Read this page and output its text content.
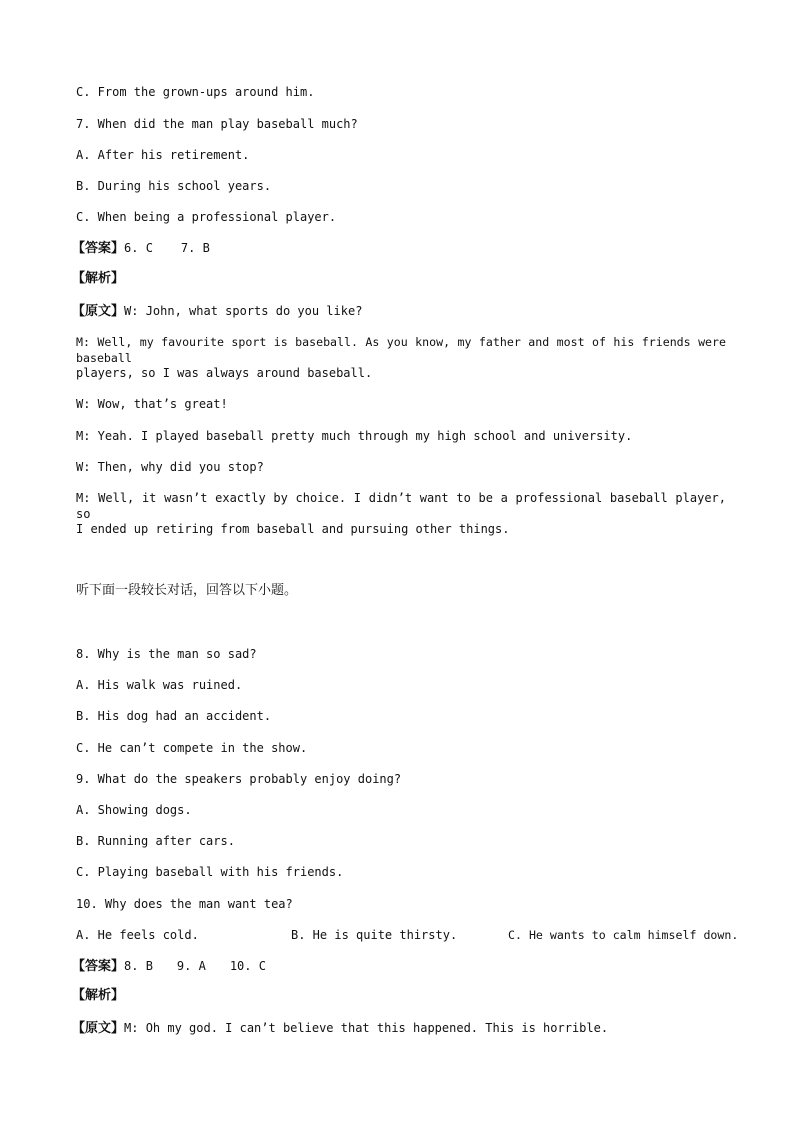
C. From the grown-ups around him.
7. When did the man play baseball much?
A. After his retirement.
B. During his school years.
C. When being a professional player.
【答案】6. C 7. B
【解析】
【原文】W: John, what sports do you like?
M: Well, my favourite sport is baseball. As you know, my father and most of his friends were baseball
players, so I was always around baseball.
W: Wow, that’s great!
M: Yeah. I played baseball pretty much through my high school and university.
W: Then, why did you stop?
M: Well, it wasn’t exactly by choice. I didn’t want to be a professional baseball player, so
I ended up retiring from baseball and pursuing other things.
听下面一段较长对话，回答以下小题。
8. Why is the man so sad?
A. His walk was ruined.
B. His dog had an accident.
C. He can’t compete in the show.
9. What do the speakers probably enjoy doing?
A. Showing dogs.
B. Running after cars.
C. Playing baseball with his friends.
10. Why does the man want tea?
A. He feels cold.	B. He is quite thirsty.	C. He wants to calm himself down.
【答案】8. B 9. A 10. C
【解析】
【原文】M: Oh my god. I can’t believe that this happened. This is horrible.
